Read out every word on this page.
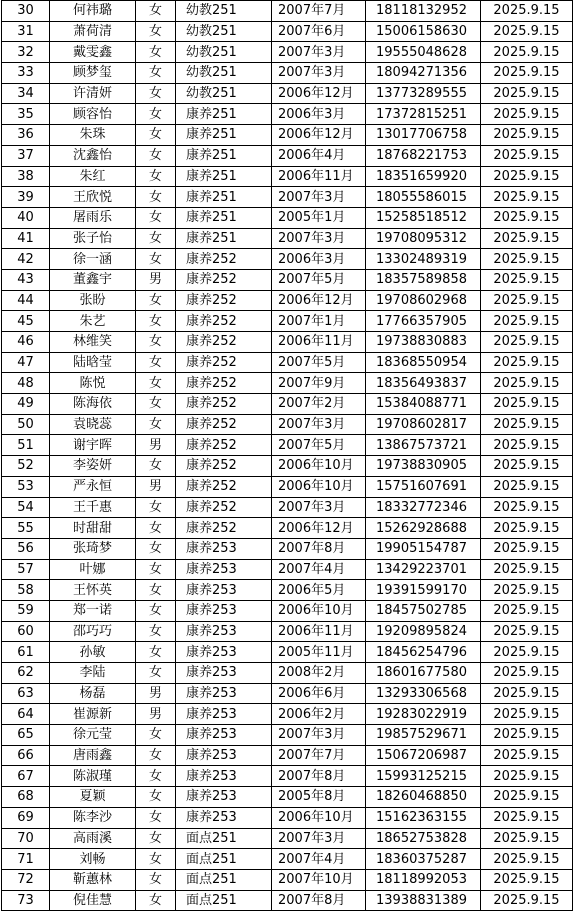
30	何祎璐	女	幼教251	2007年7月	18118132952	2025.9.15
31	萧荷清	女	幼教251	2007年6月	15006158630	2025.9.15
32	戴雯鑫	女	幼教251	2007年3月	19555048628	2025.9.15
33	顾梦玺	女	幼教251	2007年3月	18094271356	2025.9.15
34	许清妍	女	幼教251	2006年12月	13773289555	2025.9.15
35	顾容怡	女	康养251	2006年3月	17372815251	2025.9.15
36	朱珠	女	康养251	2006年12月	13017706758	2025.9.15
37	沈鑫怡	女	康养251	2006年4月	18768221753	2025.9.15
38	朱红	女	康养251	2006年11月	18351659920	2025.9.15
39	王欣悦	女	康养251	2007年3月	18055586015	2025.9.15
40	屠雨乐	女	康养251	2005年1月	15258518512	2025.9.15
41	张子怡	女	康养251	2007年3月	19708095312	2025.9.15
42	徐一涵	女	康养252	2006年3月	13302489319	2025.9.15
43	董鑫宇	男	康养252	2007年5月	18357589858	2025.9.15
44	张盼	女	康养252	2006年12月	19708602968	2025.9.15
45	朱艺	女	康养252	2007年1月	17766357905	2025.9.15
46	林维笑	女	康养252	2006年11月	19738830883	2025.9.15
47	陆晗莹	女	康养252	2007年5月	18368550954	2025.9.15
48	陈悦	女	康养252	2007年9月	18356493837	2025.9.15
49	陈海依	女	康养252	2007年2月	15384088771	2025.9.15
50	袁晓蕊	女	康养252	2007年3月	19708602817	2025.9.15
51	谢宇晖	男	康养252	2007年5月	13867573721	2025.9.15
52	李姿妍	女	康养252	2006年10月	19738830905	2025.9.15
53	严永恒	男	康养252	2006年10月	15751607691	2025.9.15
54	王千惠	女	康养252	2007年3月	18332772346	2025.9.15
55	时甜甜	女	康养252	2006年12月	15262928688	2025.9.15
56	张琦梦	女	康养253	2007年8月	19905154787	2025.9.15
57	叶娜	女	康养253	2007年4月	13429223701	2025.9.15
58	王怀英	女	康养253	2006年5月	19391599170	2025.9.15
59	郑一诺	女	康养253	2006年10月	18457502785	2025.9.15
60	邵巧巧	女	康养253	2006年11月	19209895824	2025.9.15
61	孙敏	女	康养253	2005年11月	18456254796	2025.9.15
62	李陆	女	康养253	2008年2月	18601677580	2025.9.15
63	杨磊	男	康养253	2006年6月	13293306568	2025.9.15
64	崔源新	男	康养253	2006年2月	19283022919	2025.9.15
65	徐元莹	女	康养253	2007年3月	19857529671	2025.9.15
66	唐雨鑫	女	康养253	2007年7月	15067206987	2025.9.15
67	陈淑瑾	女	康养253	2007年8月	15993125215	2025.9.15
68	夏颖	女	康养253	2005年8月	18260468850	2025.9.15
69	陈李沙	女	康养253	2006年10月	15162363155	2025.9.15
70	高雨溪	女	面点251	2007年3月	18652753828	2025.9.15
71	刘畅	女	面点251	2007年4月	18360375287	2025.9.15
72	靳蕙林	女	面点251	2007年10月	18118992053	2025.9.15
73	倪佳慧	女	面点251	2007年8月	13938831389	2025.9.15
